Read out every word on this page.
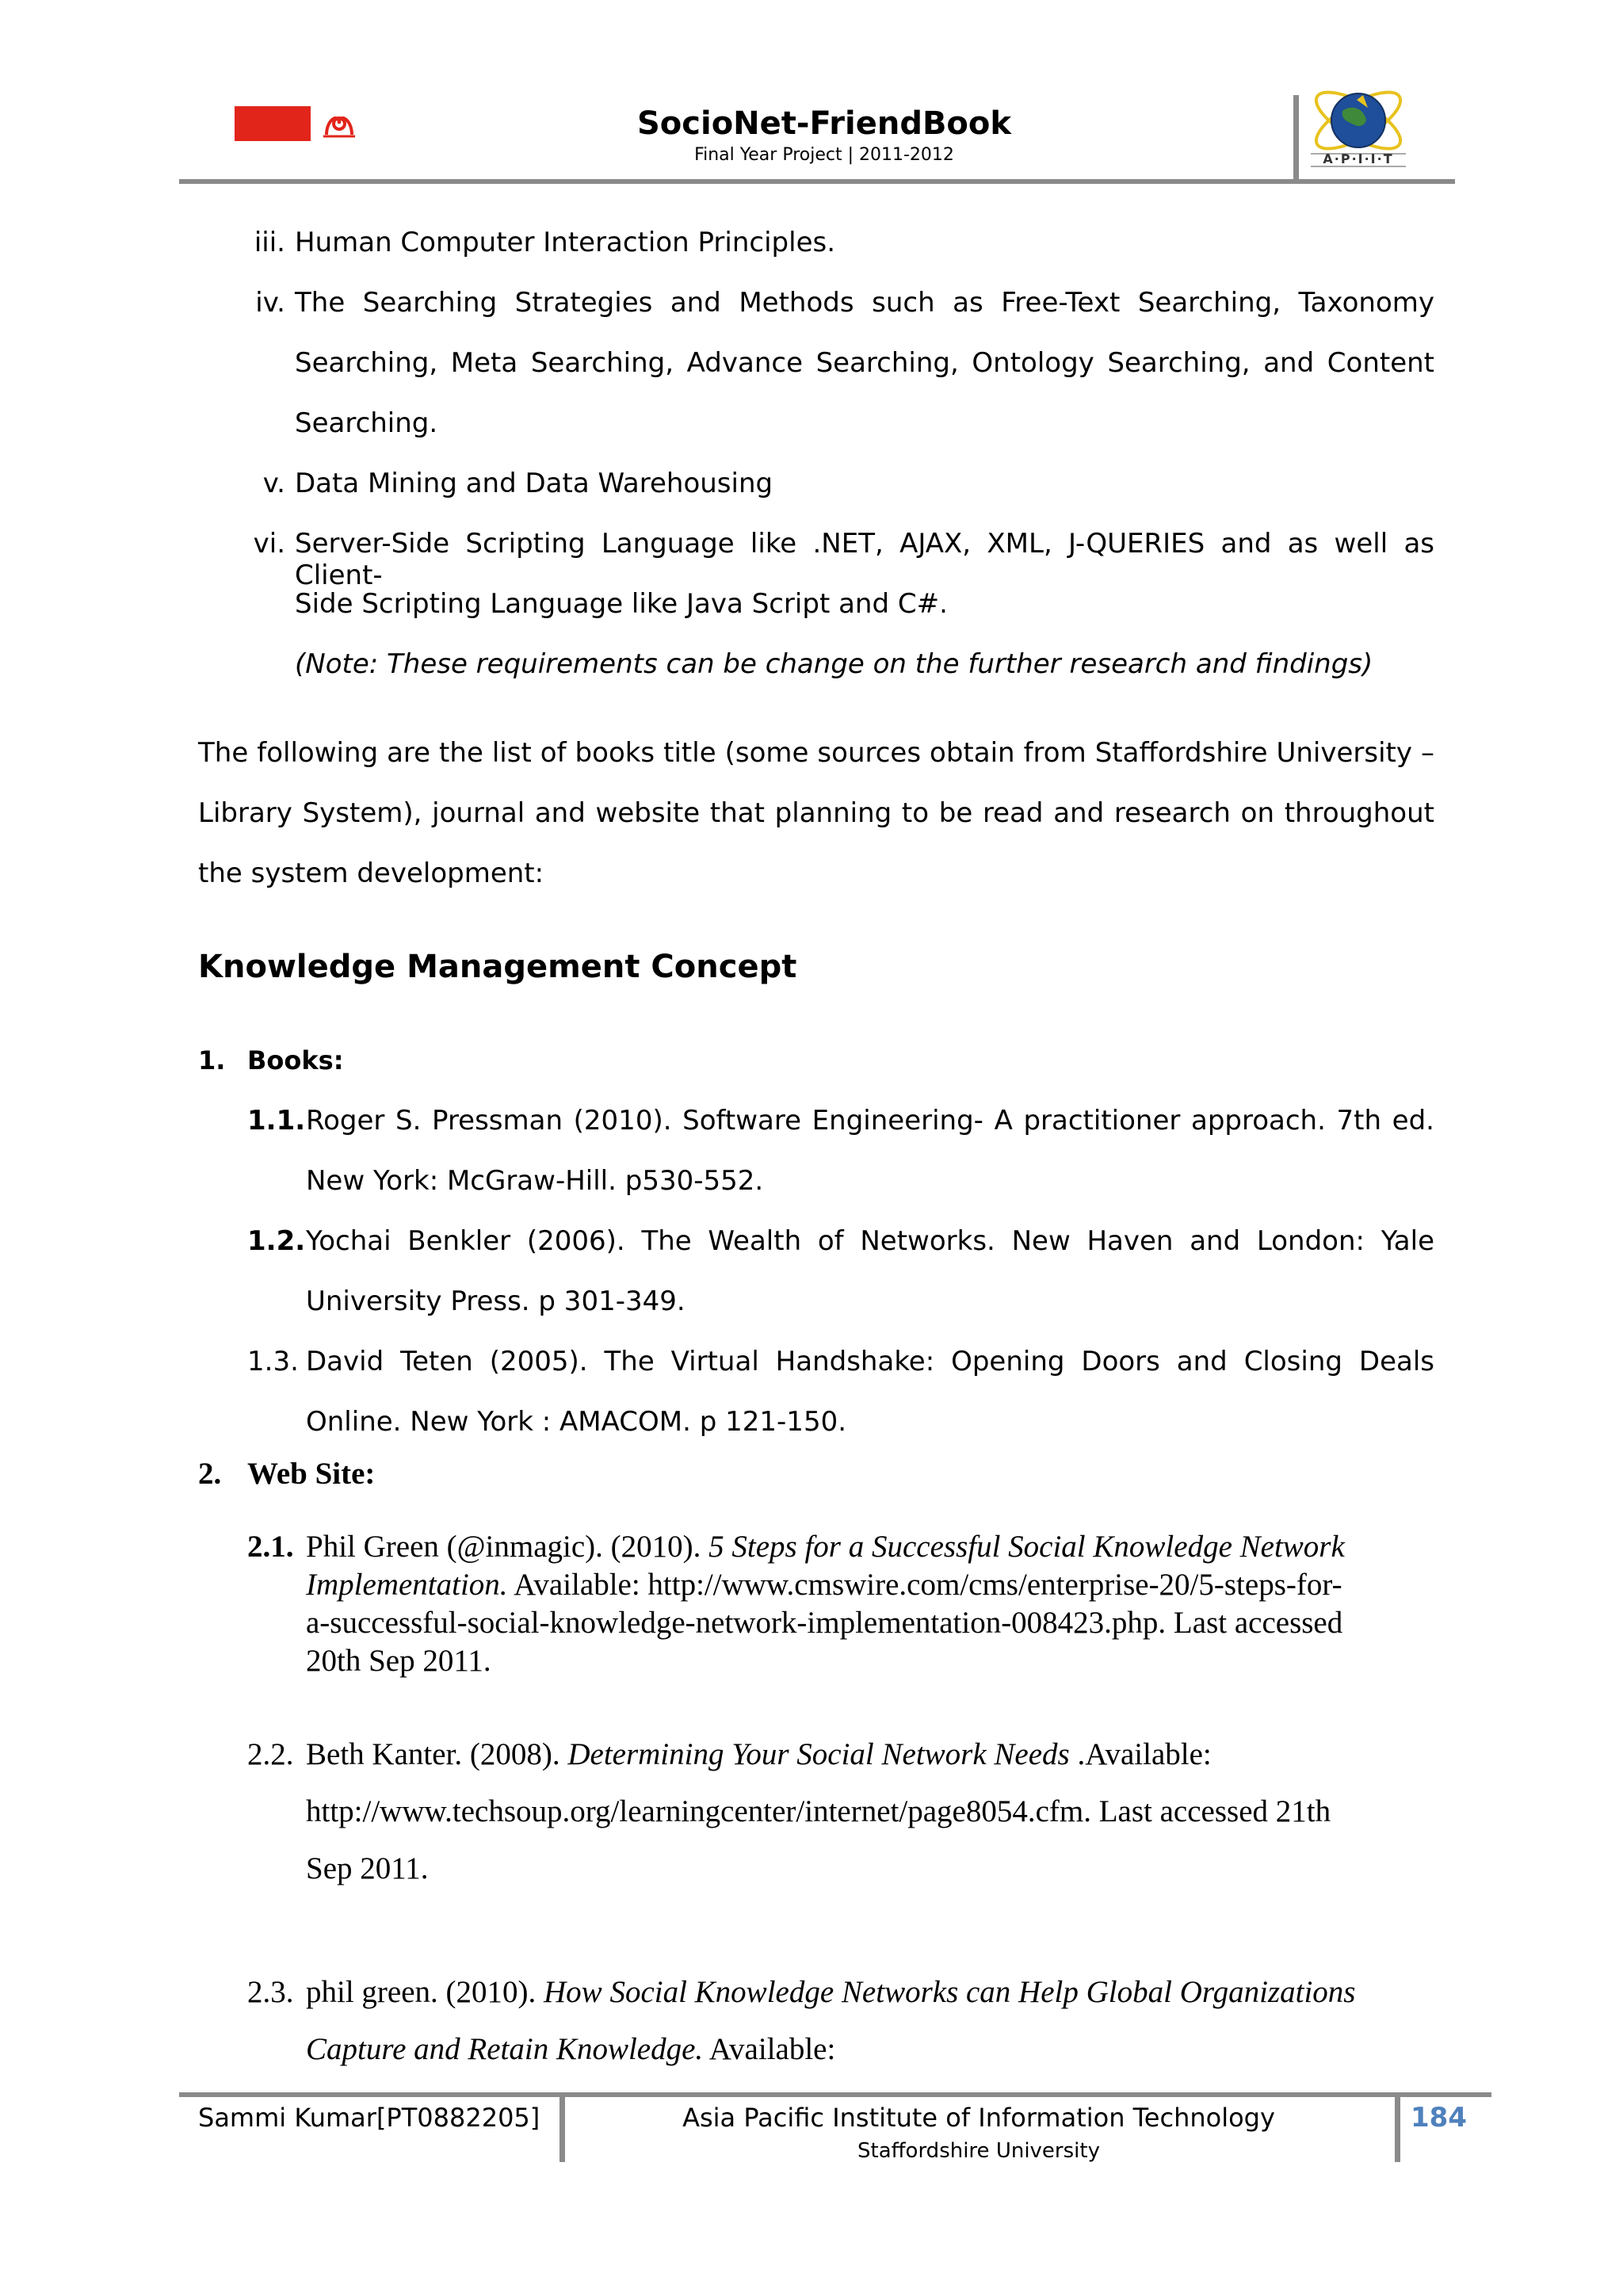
STAFFORDSHIRE
UNIVERSITY
SocioNet-FriendBook
Final Year Project | 2011-2012	A·P·I·I·T
iii. Human Computer Interaction Principles.
iv. The Searching Strategies and Methods such as Free-Text Searching, Taxonomy
Searching, Meta Searching, Advance Searching, Ontology Searching, and Content
Searching.
v. Data Mining and Data Warehousing
vi. Server-Side Scripting Language like .NET, AJAX, XML, J-QUERIES and as well as Client-
Side Scripting Language like Java Script and C#.
(Note: These requirements can be change on the further research and findings)
The following are the list of books title (some sources obtain from Staffordshire University –
Library System), journal and website that planning to be read and research on throughout
the system development:
Knowledge Management Concept
1. Books:
1.1. Roger S. Pressman (2010). Software Engineering- A practitioner approach. 7th ed.
New York: McGraw-Hill. p530-552.
1.2. Yochai Benkler (2006). The Wealth of Networks. New Haven and London: Yale
University Press. p 301-349.
1.3. David Teten (2005). The Virtual Handshake: Opening Doors and Closing Deals
Online. New York : AMACOM. p 121-150.
2. Web Site:
2.1. Phil Green (@inmagic). (2010). 5 Steps for a Successful Social Knowledge Network
Implementation. Available: http://www.cmswire.com/cms/enterprise-20/5-steps-for-
a-successful-social-knowledge-network-implementation-008423.php. Last accessed
20th Sep 2011.
2.2. Beth Kanter. (2008). Determining Your Social Network Needs .Available:
http://www.techsoup.org/learningcenter/internet/page8054.cfm. Last accessed 21th
Sep 2011.
2.3. phil green. (2010). How Social Knowledge Networks can Help Global Organizations
Capture and Retain Knowledge. Available:
Sammi Kumar[PT0882205]	Asia Pacific Institute of Information Technology
Staffordshire University
184
